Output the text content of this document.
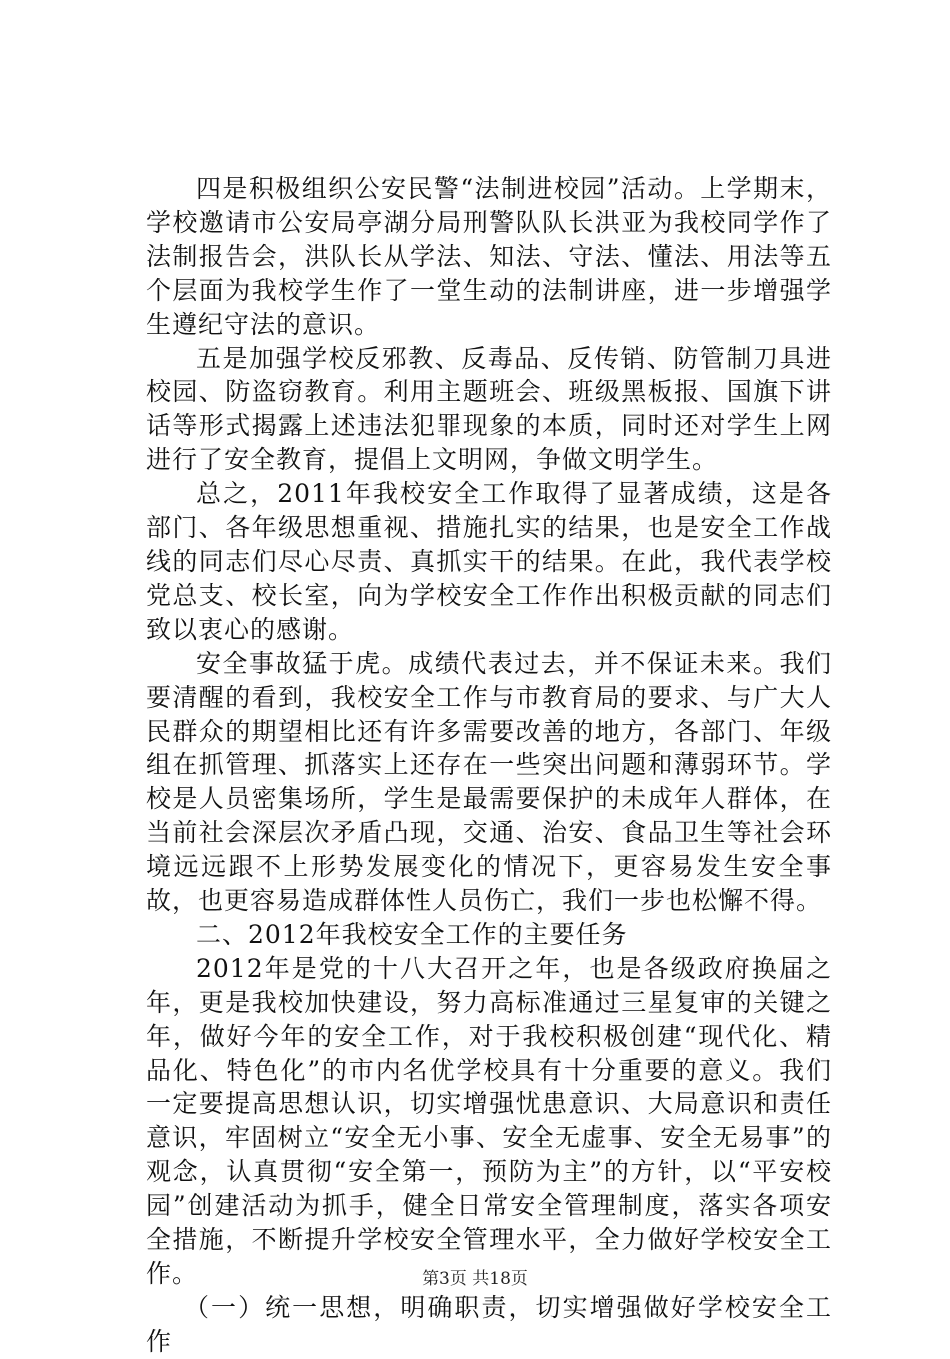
四是积极组织公安民警“法制进校园”活动。上学期末，学校邀请市公安局亭湖分局刑警队队长洪亚为我校同学作了法制报告会，洪队长从学法、知法、守法、懂法、用法等五个层面为我校学生作了一堂生动的法制讲座，进一步增强学生遵纪守法的意识。

五是加强学校反邪教、反毒品、反传销、防管制刀具进校园、防盗窃教育。利用主题班会、班级黑板报、国旗下讲话等形式揭露上述违法犯罪现象的本质，同时还对学生上网进行了安全教育，提倡上文明网，争做文明学生。

总之，2011年我校安全工作取得了显著成绩，这是各部门、各年级思想重视、措施扎实的结果，也是安全工作战线的同志们尽心尽责、真抓实干的结果。在此，我代表学校党总支、校长室，向为学校安全工作作出积极贡献的同志们致以衷心的感谢。

安全事故猛于虎。成绩代表过去，并不保证未来。我们要清醒的看到，我校安全工作与市教育局的要求、与广大人民群众的期望相比还有许多需要改善的地方，各部门、年级组在抓管理、抓落实上还存在一些突出问题和薄弱环节。学校是人员密集场所，学生是最需要保护的未成年人群体，在当前社会深层次矛盾凸现，交通、治安、食品卫生等社会环境远远跟不上形势发展变化的情况下，更容易发生安全事故，也更容易造成群体性人员伤亡，我们一步也松懈不得。

二、2012年我校安全工作的主要任务

2012年是党的十八大召开之年，也是各级政府换届之年，更是我校加快建设，努力高标准通过三星复审的关键之年，做好今年的安全工作，对于我校积极创建“现代化、精品化、特色化”的市内名优学校具有十分重要的意义。我们一定要提高思想认识，切实增强忧患意识、大局意识和责任意识，牢固树立“安全无小事、安全无虚事、安全无易事”的观念，认真贯彻“安全第一，预防为主”的方针，以“平安校园”创建活动为抓手，健全日常安全管理制度，落实各项安全措施，不断提升学校安全管理水平，全力做好学校安全工作。

（一）统一思想，明确职责，切实增强做好学校安全工作

第3页 共18页
